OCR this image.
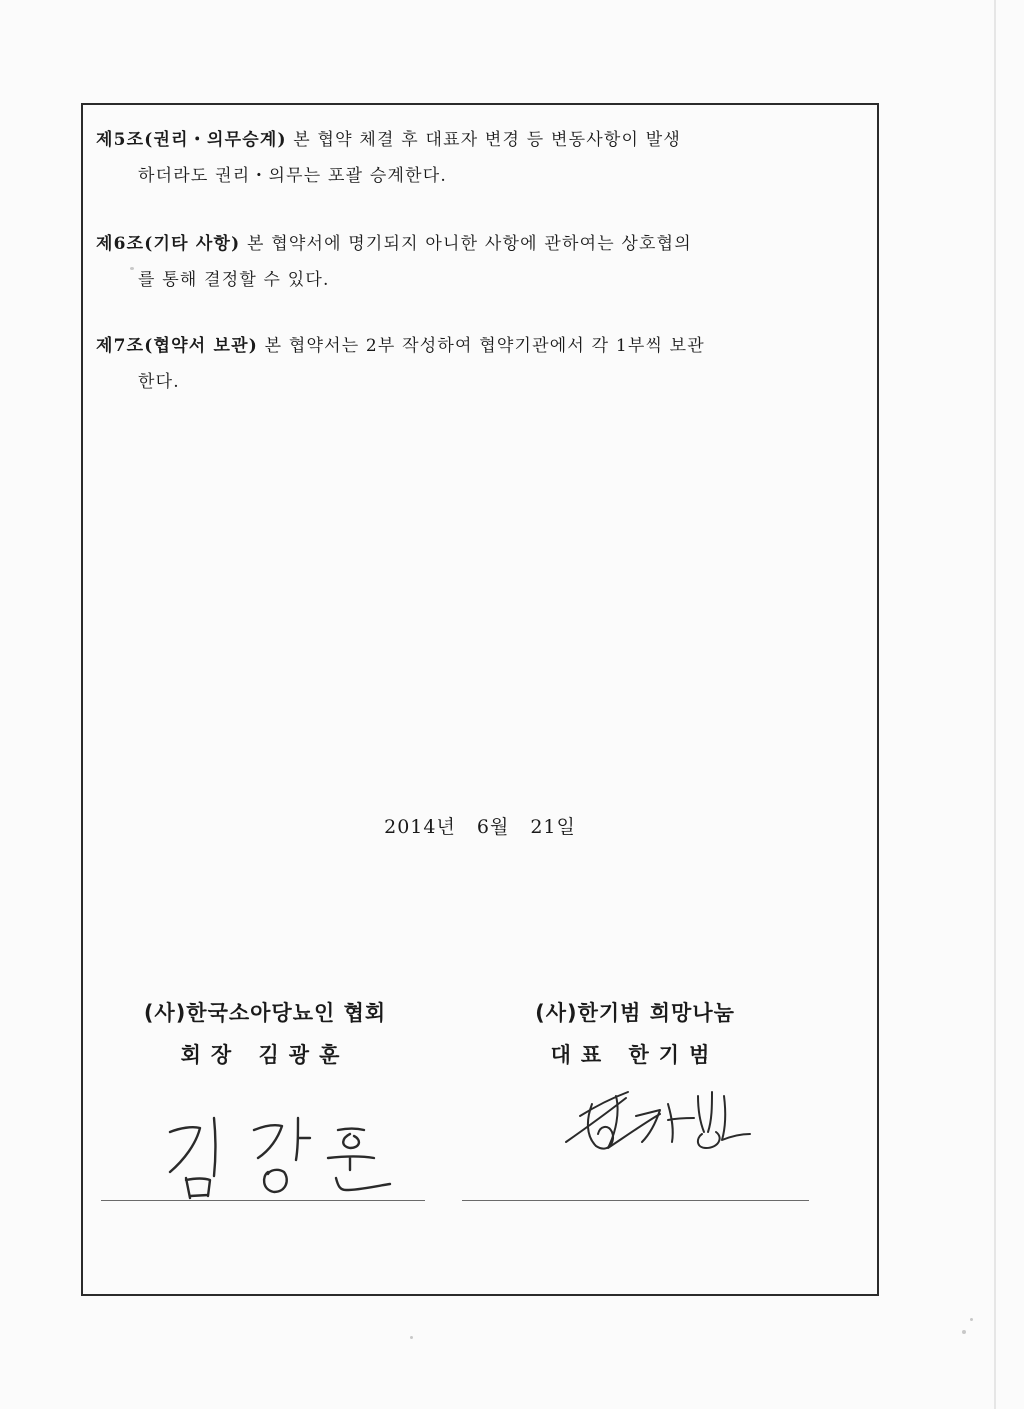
제5조(권리・의무승계) 본 협약 체결 후 대표자 변경 등 변동사항이 발생
하더라도 권리・의무는 포괄 승계한다.
제6조(기타 사항) 본 협약서에 명기되지 아니한 사항에 관하여는 상호협의
를 통해 결정할 수 있다.
제7조(협약서 보관) 본 협약서는 2부 작성하여 협약기관에서 각 1부씩 보관
한다.
2014년 6월 21일
(사)한국소아당뇨인 협회
회장 김광훈
(사)한기범 희망나눔
대표 한기범
